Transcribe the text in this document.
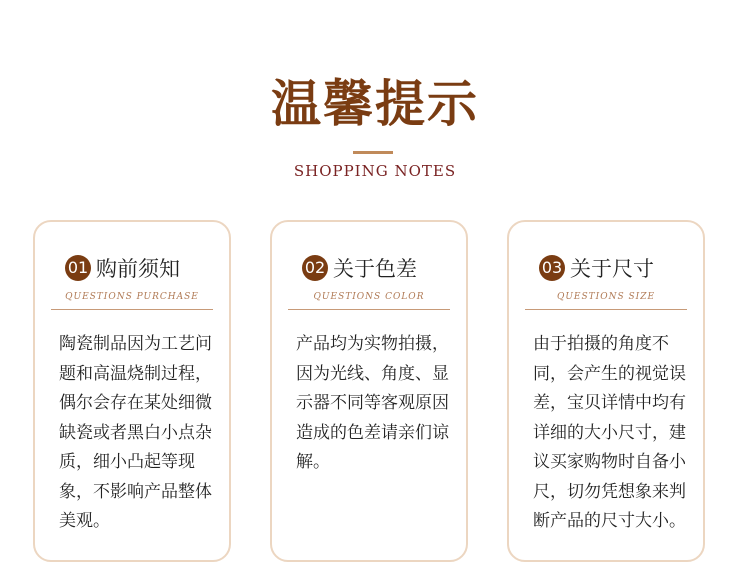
温馨提示
SHOPPING NOTES
01 购前须知
QUESTIONS PURCHASE
陶瓷制品因为工艺问题和高温烧制过程，偶尔会存在某处细微缺瓷或者黑白小点杂质，细小凸起等现象，不影响产品整体美观。
02 关于色差
QUESTIONS COLOR
产品均为实物拍摄，因为光线、角度、显示器不同等客观原因造成的色差请亲们谅解。
03 关于尺寸
QUESTIONS SIZE
由于拍摄的角度不同，会产生的视觉误差，宝贝详情中均有详细的大小尺寸，建议买家购物时自备小尺，切勿凭想象来判断产品的尺寸大小。
